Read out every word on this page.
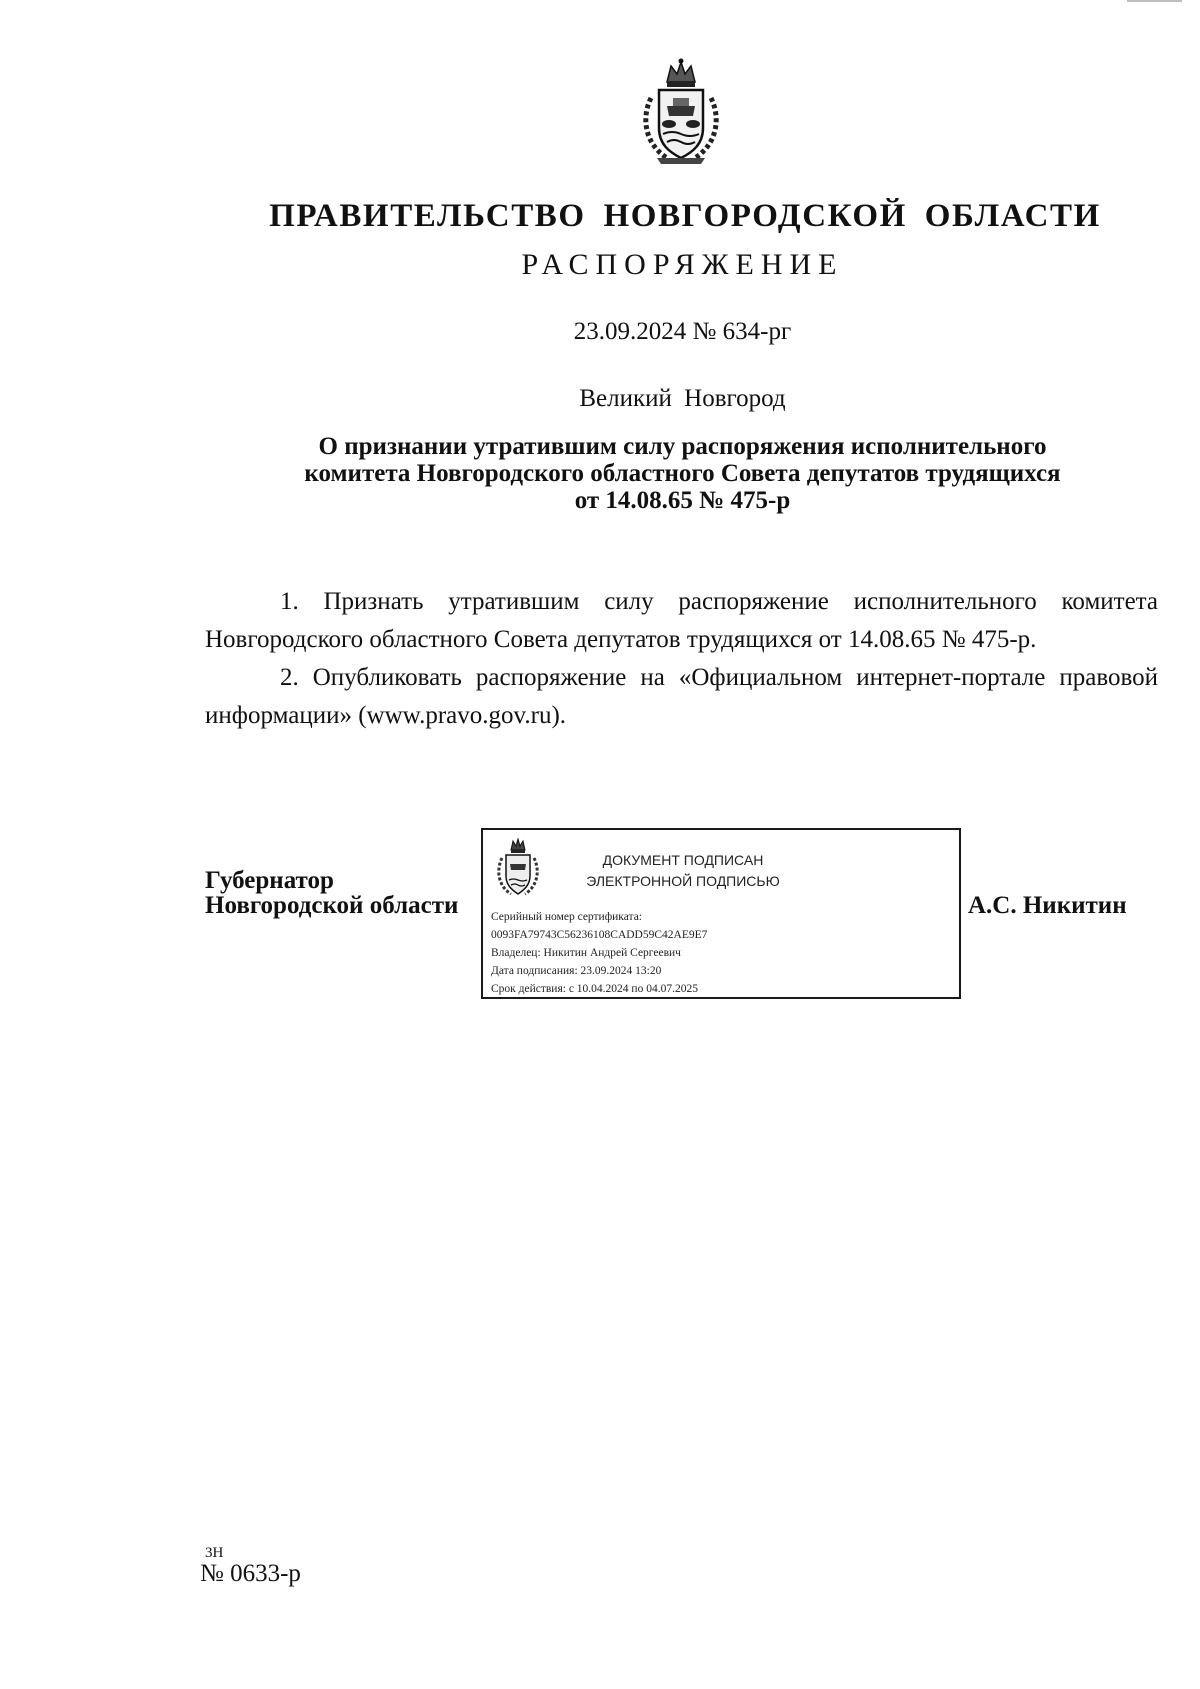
ПРАВИТЕЛЬСТВО НОВГОРОДСКОЙ ОБЛАСТИ
РАСПОРЯЖЕНИЕ
23.09.2024 № 634-рг
Великий Новгород
О признании утратившим силу распоряжения исполнительного
комитета Новгородского областного Совета депутатов трудящихся
от 14.08.65 № 475-р

1. Признать утратившим силу распоряжение исполнительного комитета Новгородского областного Совета депутатов трудящихся от 14.08.65 № 475-р.

2. Опубликовать распоряжение на «Официальном интернет-портале правовой информации» (www.pravo.gov.ru).

Губернатор
Новгородской области
ДОКУМЕНТ ПОДПИСАН
ЭЛЕКТРОННОЙ ПОДПИСЬЮ
Серийный номер сертификата:
0093FA79743C56236108CADD59C42AE9E7
Владелец: Никитин Андрей Сергеевич
Дата подписания: 23.09.2024 13:20
Срок действия: с 10.04.2024 по 04.07.2025
А.С. Никитин
3Н
№ 0633-р
